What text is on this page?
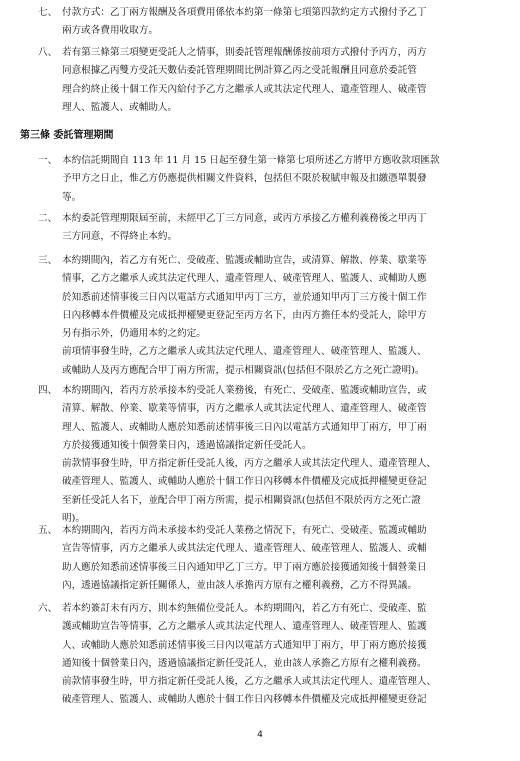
七、 付款方式：乙丁兩方報酬及各項費用係依本約第一條第七項第四款約定方式撥付予乙丁
兩方或各費用收取方。
八、 若有第三條第三項變更受託人之情事，則委託管理報酬係按前項方式撥付予丙方，丙方
同意根據乙丙雙方受託天數佔委託管理期間比例計算乙丙之受託報酬且同意於委託管
理合約終止後十個工作天內給付予乙方之繼承人或其法定代理人、遺產管理人、破產管
理人、監護人、或輔助人。
第三條 委託管理期間
一、 本約信託期間自 113 年 11 月 15 日起至發生第一條第七項所述乙方將甲方應收款項匯款
予甲方之日止，惟乙方仍應提供相關文件資料，包括但不限於稅賦申報及扣繳憑單製發
等。
二、 本約委託管理期限屆至前，未經甲乙丁三方同意，或丙方承接乙方權利義務後之甲丙丁
三方同意，不得終止本約。
三、 本約期間內，若乙方有死亡、受破產、監護或輔助宣告，或清算、解散、停業、歇業等
情事，乙方之繼承人或其法定代理人、遺產管理人、破產管理人、監護人、或輔助人應
於知悉前述情事後三日內以電話方式通知甲丙丁三方，並於通知甲丙丁三方後十個工作
日內移轉本件價權及完成抵押權變更登記至丙方名下，由丙方擔任本約受託人，除甲方
另有指示外，仍適用本約之約定。
前項情事發生時，乙方之繼承人或其法定代理人、遺產管理人、破產管理人、監護人、
或輔助人及丙方應配合甲丁兩方所需，提示相關資訊(包括但不限於乙方之死亡證明)。
四、 本約期間內，若丙方於承接本約受託人業務後，有死亡、受破產、監護或輔助宣告，或
清算、解散、停業、歇業等情事，丙方之繼承人或其法定代理人、遺產管理人、破產管
理人、監護人、或輔助人應於知悉前述情事後三日內以電話方式通知甲丁兩方，甲丁兩
方於接獲通知後十個營業日內，透過協議指定新任受託人。
前款情事發生時，甲方指定新任受託人後，丙方之繼承人或其法定代理人、遺產管理人、
破產管理人、監護人、或輔助人應於十個工作日內移轉本件價權及完成抵押權變更登記
至新任受託人名下，並配合甲丁兩方所需，提示相關資訊(包括但不限於丙方之死亡證
明)。
五、 本約期間內，若丙方尚未承接本約受託人業務之情況下，有死亡、受破產、監護或輔助
宣告等情事，丙方之繼承人或其法定代理人、遺產管理人、破產管理人、監護人、或輔
助人應於知悉前述情事後三日內通知甲乙丁三方。甲丁兩方應於接獲通知後十個營業日
內，透過協議指定新任關係人，並由該人承擔丙方原有之權利義務，乙方不得異議。
六、 若本約簽訂未有丙方，則本約無備位受託人。本約期間內，若乙方有死亡、受破產、監
護或輔助宣告等情事，乙方之繼承人或其法定代理人、遺產管理人、破產管理人、監護
人、或輔助人應於知悉前述情事後三日內以電話方式通知甲丁兩方，甲丁兩方應於接獲
通知後十個營業日內，透過協議指定新任受託人，並由該人承擔乙方原有之權利義務。
前款情事發生時，甲方指定新任受託人後，乙方之繼承人或其法定代理人、遺產管理人、
破產管理人、監護人、或輔助人應於十個工作日內移轉本件價權及完成抵押權變更登記
4
